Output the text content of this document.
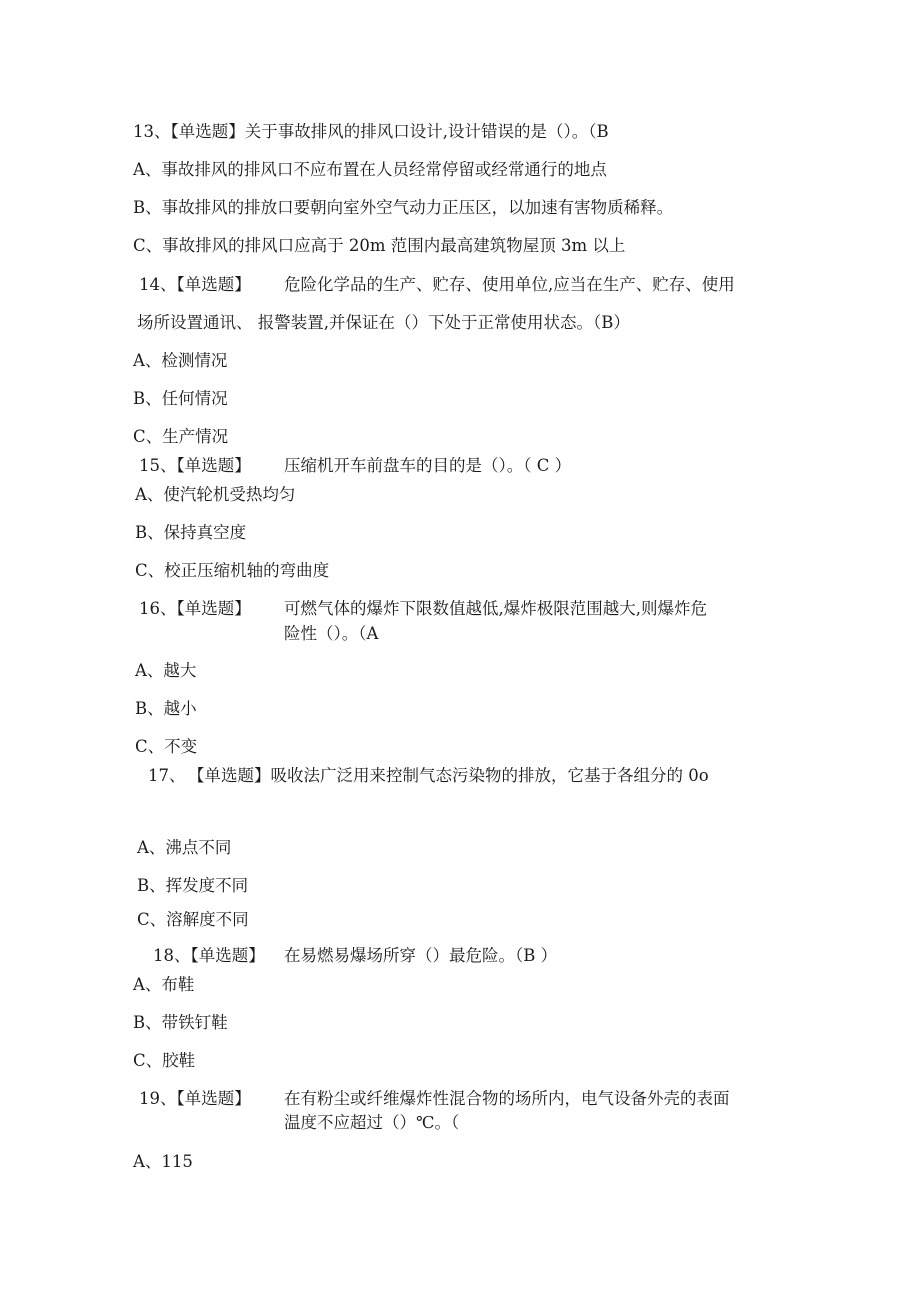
13、【单选题】关于事故排风的排风口设计,设计错误的是（）。（B
A、事故排风的排风口不应布置在人员经常停留或经常通行的地点
B、事故排风的排放口要朝向室外空气动力正压区，以加速有害物质稀释。
C、事故排风的排风口应高于 20m 范围内最高建筑物屋顶 3m 以上
14、【单选题】 危险化学品的生产、贮存、使用单位,应当在生产、贮存、使用
场所设置通讯、 报警装置,并保证在（）下处于正常使用状态。（B）
A、检测情况
B、任何情况
C、生产情况
15、【单选题】 压缩机开车前盘车的目的是（）。（ C ）
A、使汽轮机受热均匀
B、保持真空度
C、校正压缩机轴的弯曲度
16、【单选题】 可燃气体的爆炸下限数值越低,爆炸极限范围越大,则爆炸危
险性（）。（A
A、越大
B、越小
C、不变
17、 【单选题】吸收法广泛用来控制气态污染物的排放，它基于各组分的 0o
A、沸点不同
B、挥发度不同
C、溶解度不同
18、【单选题】 在易燃易爆场所穿（）最危险。（B ）
A、布鞋
B、带铁钉鞋
C、胶鞋
19、【单选题】 在有粉尘或纤维爆炸性混合物的场所内，电气设备外壳的表面
温度不应超过（）℃。（
A、115
